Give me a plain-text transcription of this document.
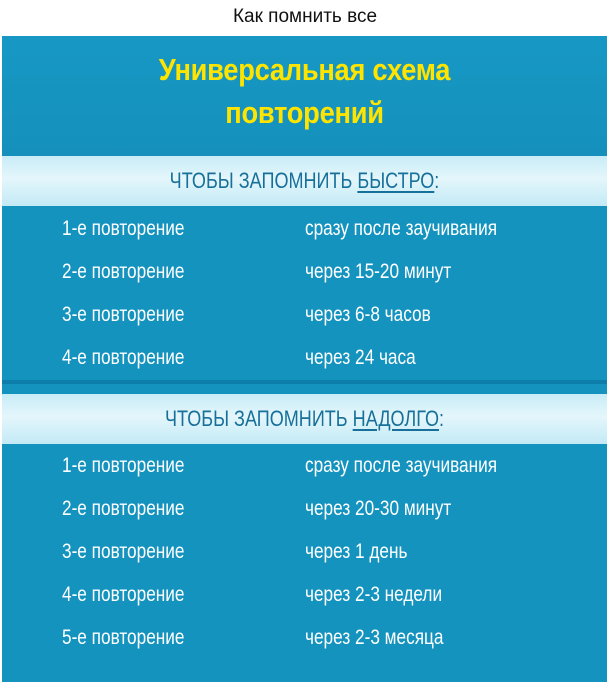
Как помнить все
Универсальная схема
повторений
ЧТОБЫ ЗАПОМНИТЬ БЫСТРО:
1-е повторение	сразу после заучивания
2-е повторение	через 15-20 минут
3-е повторение	через 6-8 часов
4-е повторение	через 24 часа
ЧТОБЫ ЗАПОМНИТЬ НАДОЛГО:
1-е повторение	сразу после заучивания
2-е повторение	через 20-30 минут
3-е повторение	через 1 день
4-е повторение	через 2-3 недели
5-е повторение	через 2-3 месяца
